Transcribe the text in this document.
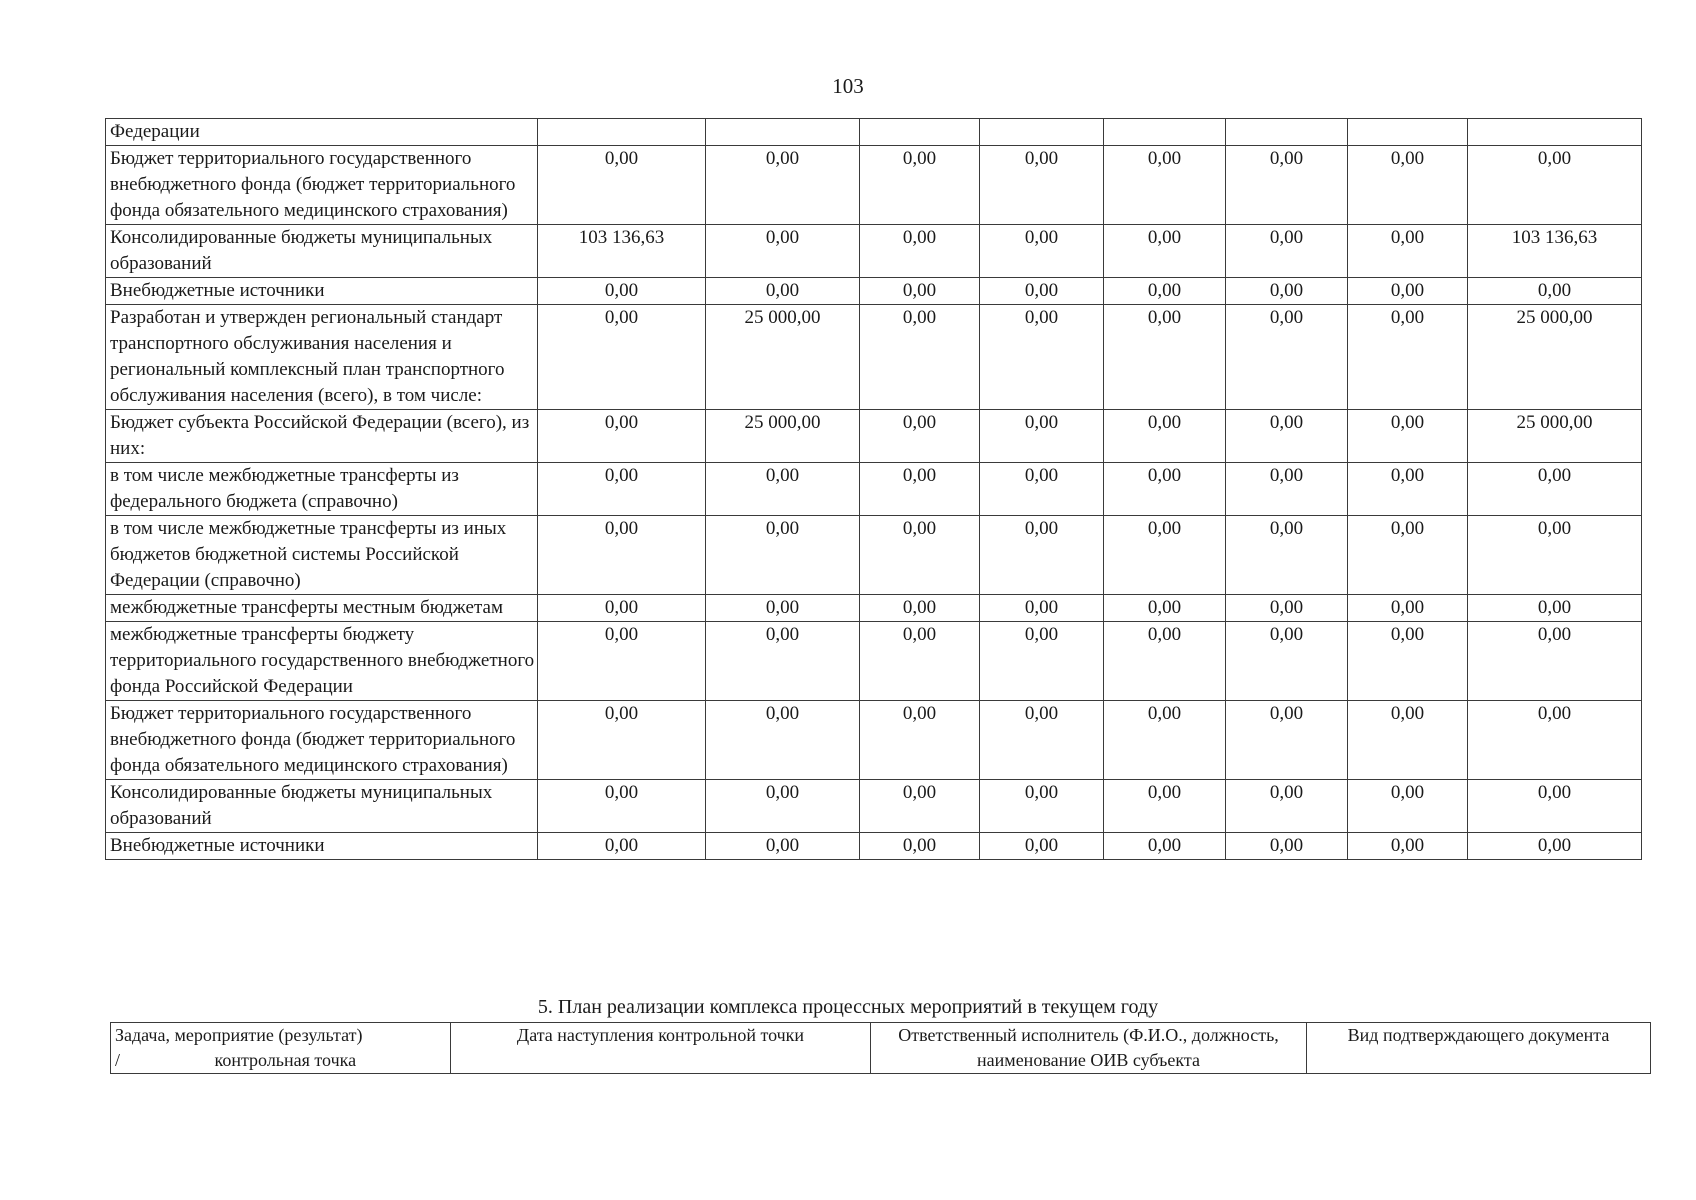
103
Федерации								
Бюджет территориального государственного внебюджетного фонда (бюджет территориального фонда обязательного медицинского страхования)	0,00	0,00	0,00	0,00	0,00	0,00	0,00	0,00
Консолидированные бюджеты муниципальных образований	103 136,63	0,00	0,00	0,00	0,00	0,00	0,00	103 136,63
Внебюджетные источники	0,00	0,00	0,00	0,00	0,00	0,00	0,00	0,00
Разработан и утвержден региональный стандарт транспортного обслуживания населения и региональный комплексный план транспортного обслуживания населения (всего), в том числе:	0,00	25 000,00	0,00	0,00	0,00	0,00	0,00	25 000,00
Бюджет субъекта Российской Федерации (всего), из них:	0,00	25 000,00	0,00	0,00	0,00	0,00	0,00	25 000,00
в том числе межбюджетные трансферты из федерального бюджета (справочно)	0,00	0,00	0,00	0,00	0,00	0,00	0,00	0,00
в том числе межбюджетные трансферты из иных бюджетов бюджетной системы Российской Федерации (справочно)	0,00	0,00	0,00	0,00	0,00	0,00	0,00	0,00
межбюджетные трансферты местным бюджетам	0,00	0,00	0,00	0,00	0,00	0,00	0,00	0,00
межбюджетные трансферты бюджету территориального государственного внебюджетного фонда Российской Федерации	0,00	0,00	0,00	0,00	0,00	0,00	0,00	0,00
Бюджет территориального государственного внебюджетного фонда (бюджет территориального фонда обязательного медицинского страхования)	0,00	0,00	0,00	0,00	0,00	0,00	0,00	0,00
Консолидированные бюджеты муниципальных образований	0,00	0,00	0,00	0,00	0,00	0,00	0,00	0,00
Внебюджетные источники	0,00	0,00	0,00	0,00	0,00	0,00	0,00	0,00
5. План реализации комплекса процессных мероприятий в текущем году
Задача, мероприятие (результат) /                     контрольная точка	Дата наступления контрольной точки	Ответственный исполнитель (Ф.И.О., должность, наименование ОИВ субъекта	Вид подтверждающего документа
